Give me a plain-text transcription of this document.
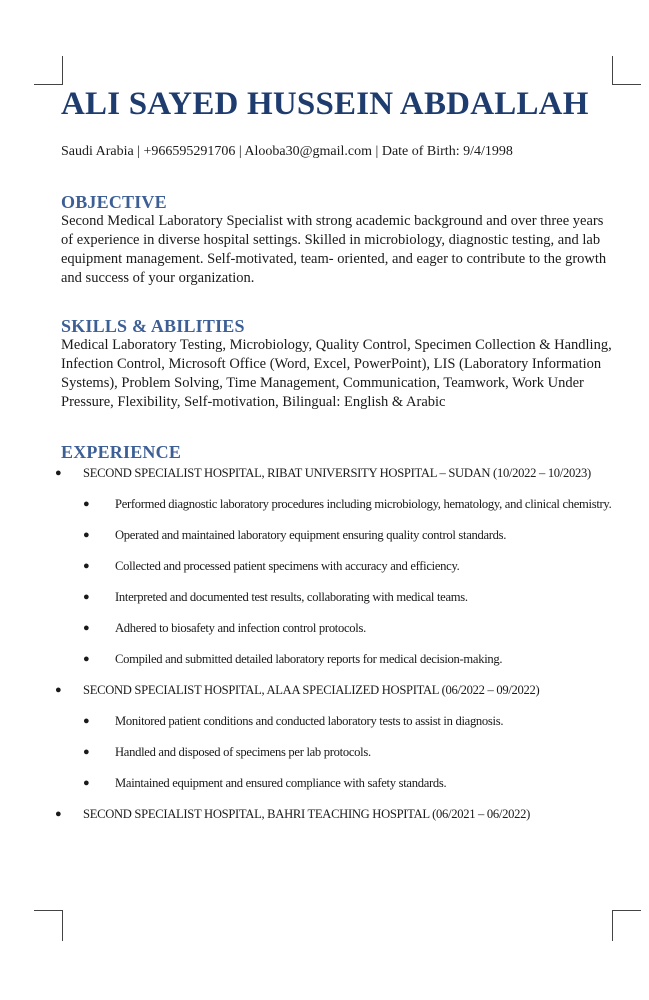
ALI SAYED HUSSEIN ABDALLAH
Saudi Arabia | +966595291706 | Alooba30@gmail.com | Date of Birth: 9/4/1998
OBJECTIVE

Second Medical Laboratory Specialist with strong academic background and over three years of experience in diverse hospital settings. Skilled in microbiology, diagnostic testing, and lab equipment management. Self-motivated, team- oriented, and eager to contribute to the growth and success of your organization.

SKILLS & ABILITIES

Medical Laboratory Testing, Microbiology, Quality Control, Specimen Collection & Handling, Infection Control, Microsoft Office (Word, Excel, PowerPoint), LIS (Laboratory Information Systems), Problem Solving, Time Management, Communication, Teamwork, Work Under Pressure, Flexibility, Self-motivation, Bilingual: English & Arabic

EXPERIENCE
●	SECOND SPECIALIST HOSPITAL, RIBAT UNIVERSITY HOSPITAL – SUDAN (10/2022 – 10/2023)
●	Performed diagnostic laboratory procedures including microbiology, hematology, and clinical chemistry.
●	Operated and maintained laboratory equipment ensuring quality control standards.
●	Collected and processed patient specimens with accuracy and efficiency.
●	Interpreted and documented test results, collaborating with medical teams.
●	Adhered to biosafety and infection control protocols.
●	Compiled and submitted detailed laboratory reports for medical decision-making.
●	SECOND SPECIALIST HOSPITAL, ALAA SPECIALIZED HOSPITAL (06/2022 – 09/2022)
●	Monitored patient conditions and conducted laboratory tests to assist in diagnosis.
●	Handled and disposed of specimens per lab protocols.
●	Maintained equipment and ensured compliance with safety standards.
●	SECOND SPECIALIST HOSPITAL, BAHRI TEACHING HOSPITAL (06/2021 – 06/2022)
